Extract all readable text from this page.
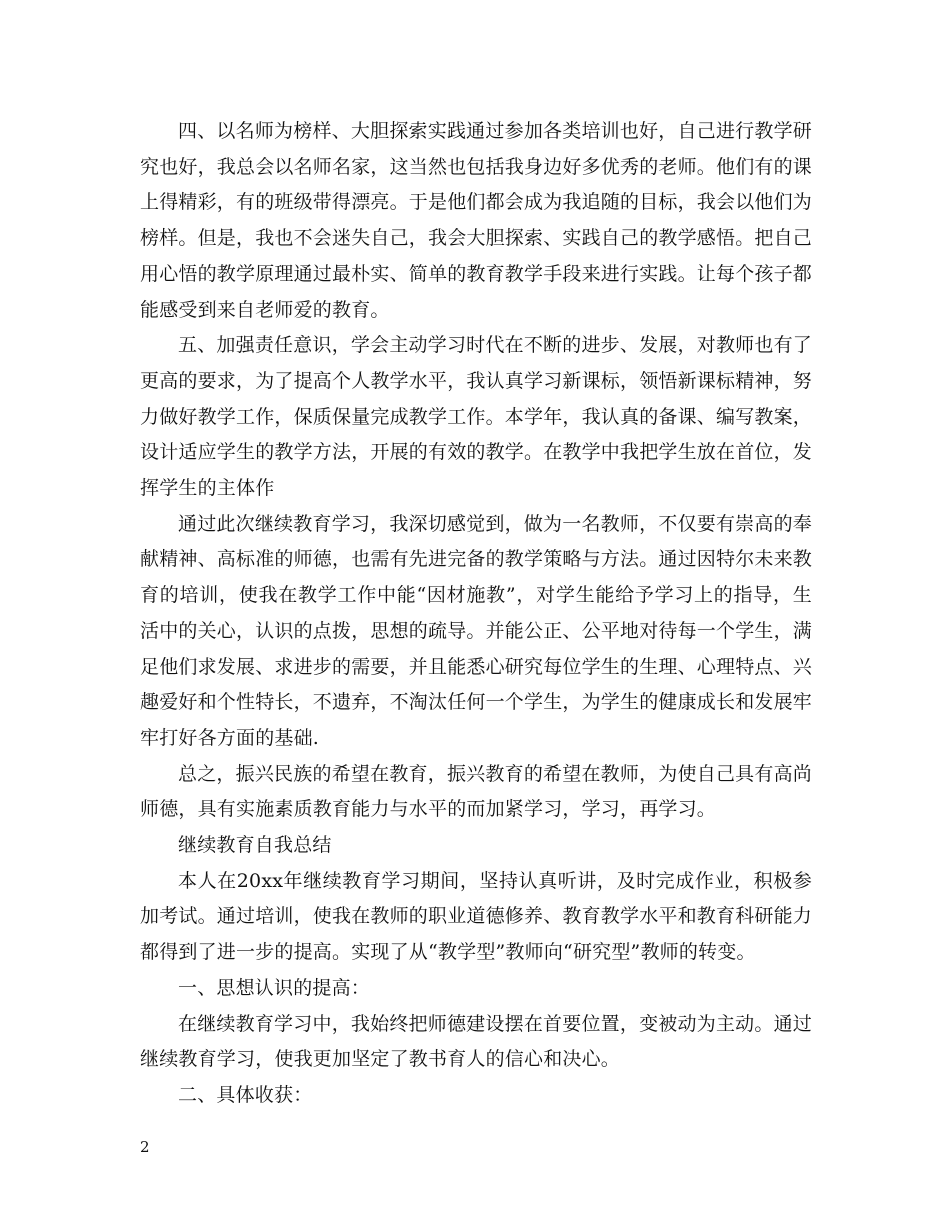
四、以名师为榜样、大胆探索实践通过参加各类培训也好，自己进行教学研究也好，我总会以名师名家，这当然也包括我身边好多优秀的老师。他们有的课上得精彩，有的班级带得漂亮。于是他们都会成为我追随的目标，我会以他们为榜样。但是，我也不会迷失自己，我会大胆探索、实践自己的教学感悟。把自己用心悟的教学原理通过最朴实、简单的教育教学手段来进行实践。让每个孩子都能感受到来自老师爱的教育。

五、加强责任意识，学会主动学习时代在不断的进步、发展，对教师也有了更高的要求，为了提高个人教学水平，我认真学习新课标，领悟新课标精神，努力做好教学工作，保质保量完成教学工作。本学年，我认真的备课、编写教案，设计适应学生的教学方法，开展的有效的教学。在教学中我把学生放在首位，发挥学生的主体作

通过此次继续教育学习，我深切感觉到，做为一名教师，不仅要有崇高的奉献精神、高标准的师德，也需有先进完备的教学策略与方法。通过因特尔未来教育的培训，使我在教学工作中能“因材施教”，对学生能给予学习上的指导，生活中的关心，认识的点拨，思想的疏导。并能公正、公平地对待每一个学生，满足他们求发展、求进步的需要，并且能悉心研究每位学生的生理、心理特点、兴趣爱好和个性特长，不遗弃，不淘汰任何一个学生，为学生的健康成长和发展牢牢打好各方面的基础.

总之，振兴民族的希望在教育，振兴教育的希望在教师，为使自己具有高尚师德，具有实施素质教育能力与水平的而加紧学习，学习，再学习。

继续教育自我总结

本人在20xx年继续教育学习期间，坚持认真听讲，及时完成作业，积极参加考试。通过培训，使我在教师的职业道德修养、教育教学水平和教育科研能力都得到了进一步的提高。实现了从“教学型”教师向“研究型”教师的转变。

一、思想认识的提高：

在继续教育学习中，我始终把师德建设摆在首要位置，变被动为主动。通过继续教育学习，使我更加坚定了教书育人的信心和决心。

二、具体收获：

2
